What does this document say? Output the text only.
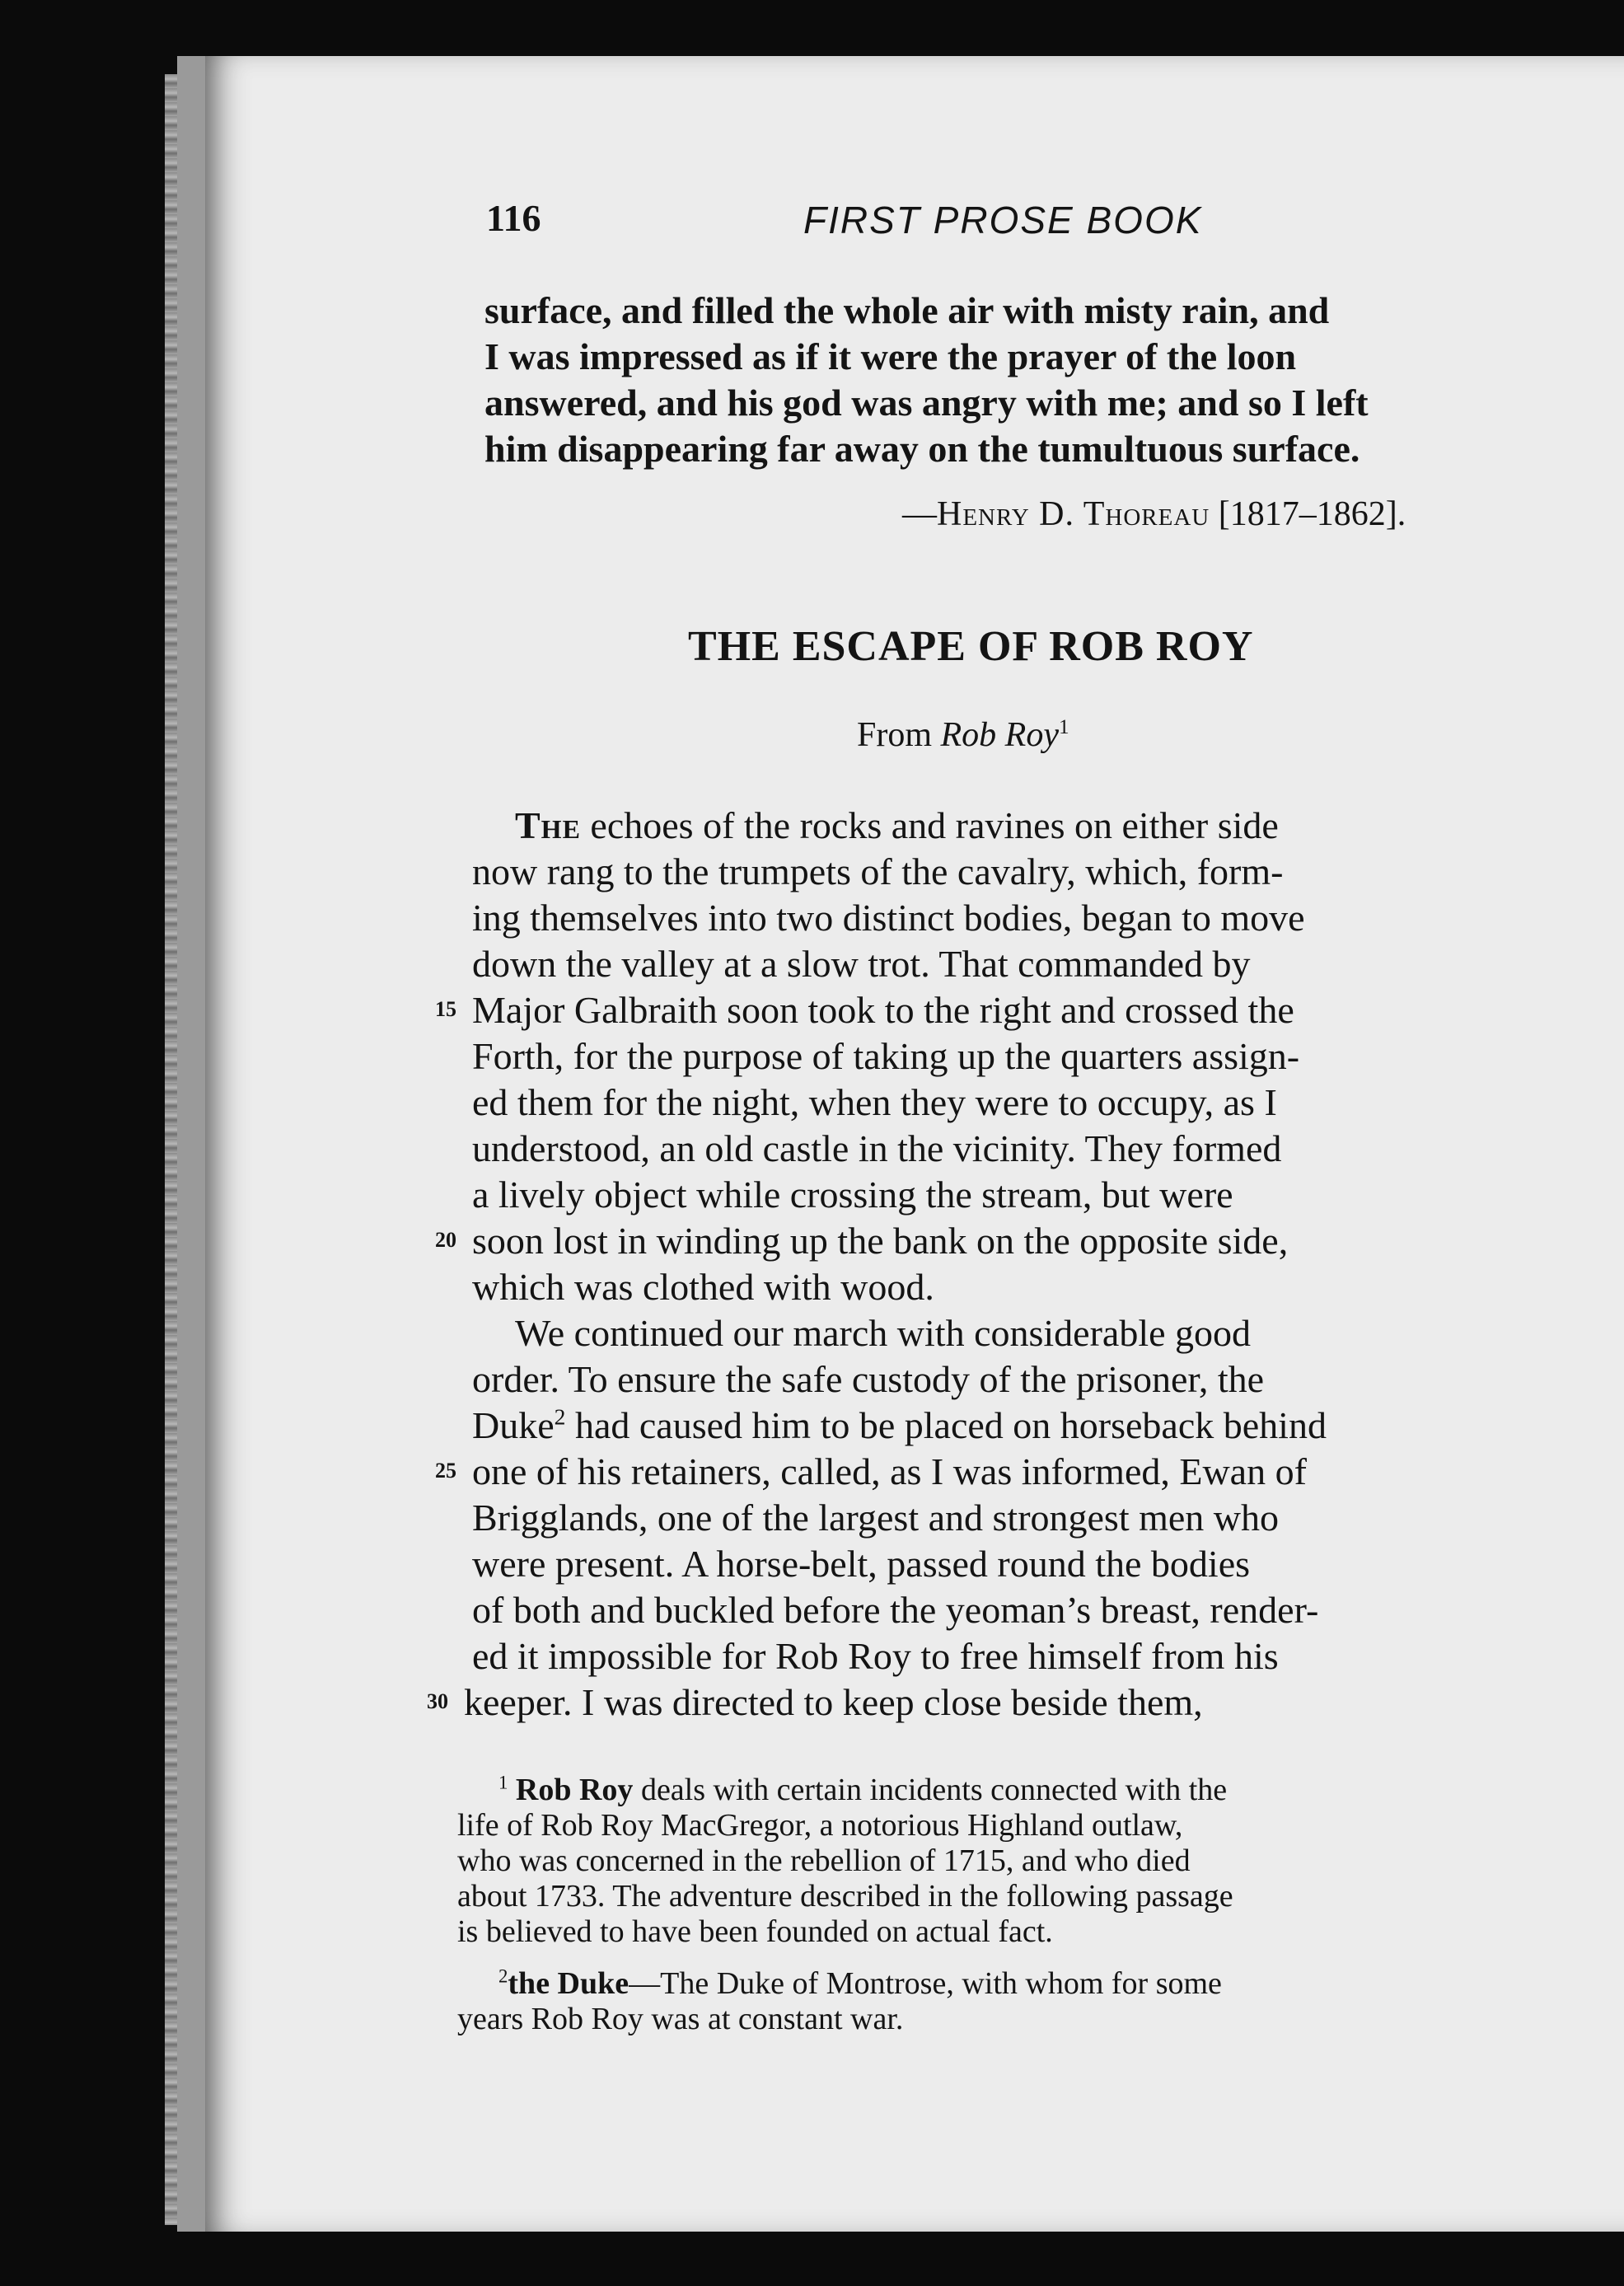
116	FIRST PROSE BOOK
surface, and filled the whole air with misty rain, and
I was impressed as if it were the prayer of the loon
answered, and his god was angry with me; and so I left
him disappearing far away on the tumultuous surface.
—Henry D. Thoreau [1817–1862].
THE ESCAPE OF ROB ROY
From Rob Roy$^1$
The echoes of the rocks and ravines on either side
now rang to the trumpets of the cavalry, which, form-
ing themselves into two distinct bodies, began to move
down the valley at a slow trot. That commanded by
15 Major Galbraith soon took to the right and crossed the
Forth, for the purpose of taking up the quarters assign-
ed them for the night, when they were to occupy, as I
understood, an old castle in the vicinity. They formed
a lively object while crossing the stream, but were
20 soon lost in winding up the bank on the opposite side,
which was clothed with wood.
We continued our march with considerable good
order. To ensure the safe custody of the prisoner, the
Duke$^2$ had caused him to be placed on horseback behind
25 one of his retainers, called, as I was informed, Ewan of
Brigglands, one of the largest and strongest men who
were present. A horse-belt, passed round the bodies
of both and buckled before the yeoman’s breast, render-
ed it impossible for Rob Roy to free himself from his
30 keeper. I was directed to keep close beside them,
$^1$ Rob Roy deals with certain incidents connected with the
life of Rob Roy MacGregor, a notorious Highland outlaw,
who was concerned in the rebellion of 1715, and who died
about 1733. The adventure described in the following passage
is believed to have been founded on actual fact.
$^2$the Duke—The Duke of Montrose, with whom for some
years Rob Roy was at constant war.
